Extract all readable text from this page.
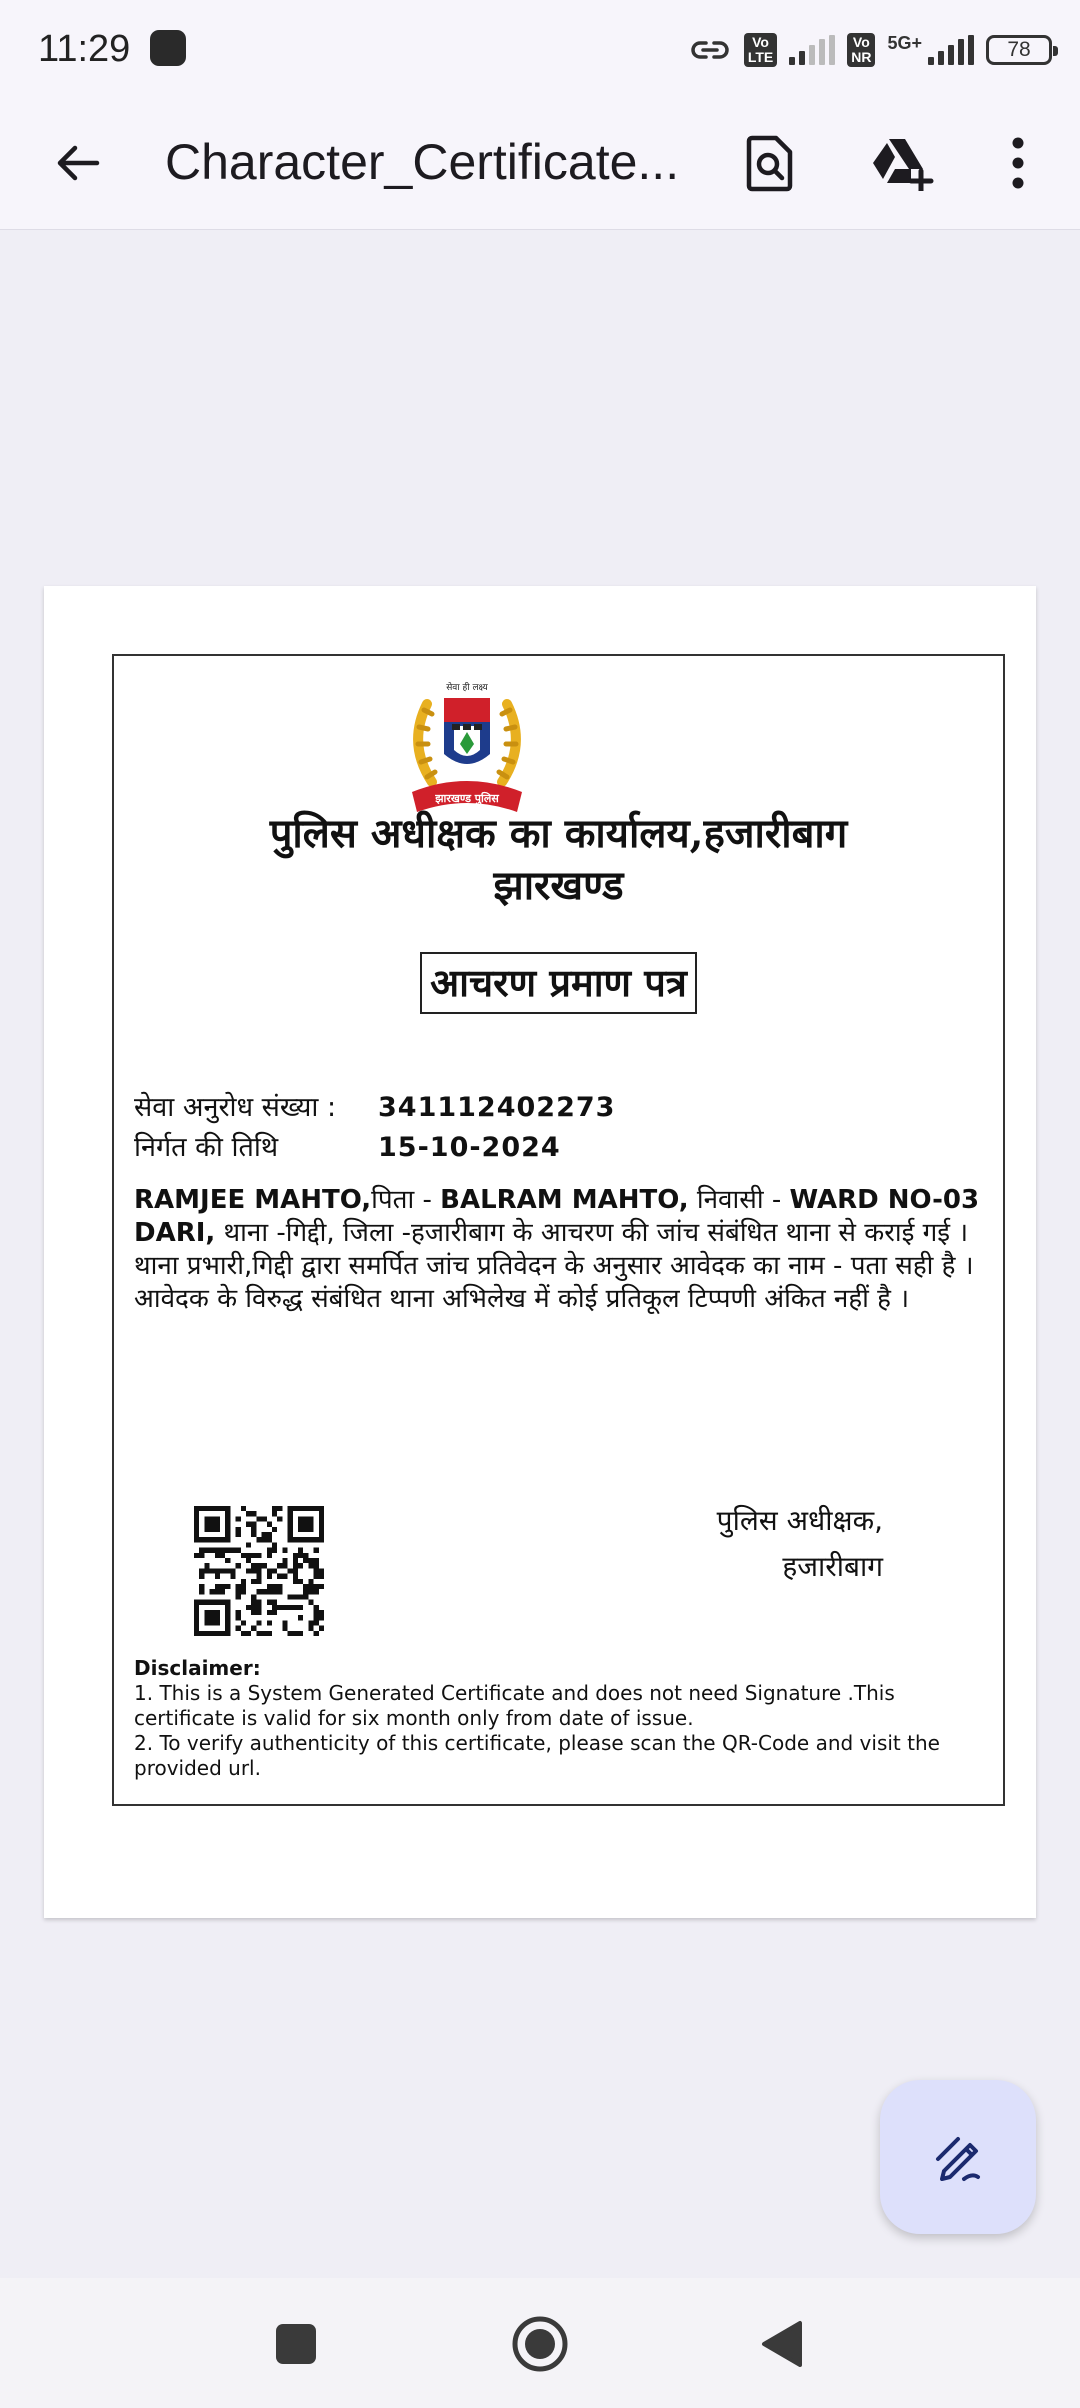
11:29	Vo
LTE
Vo
NR
5G+	78
Character_Certificate...
सेवा ही लक्ष्य
झारखण्ड पुलिस
पुलिस अधीक्षक का कार्यालय,हजारीबाग
झारखण्ड
आचरण प्रमाण पत्र
सेवा अनुरोध संख्या :	341112402273
निर्गत की तिथि	15-10-2024
RAMJEE MAHTO,पिता - BALRAM MAHTO, निवासी - WARD NO-03 DARI, थाना -गिद्दी, जिला -हजारीबाग के आचरण की जांच संबंधित थाना से कराई गई । थाना प्रभारी,गिद्दी द्वारा समर्पित जांच प्रतिवेदन के अनुसार आवेदक का नाम - पता सही है । आवेदक के विरुद्ध संबंधित थाना अभिलेख में कोई प्रतिकूल टिप्पणी अंकित नहीं है ।
पुलिस अधीक्षक,
हजारीबाग
Disclaimer:
1. This is a System Generated Certificate and does not need Signature .This certificate is valid for six month only from date of issue.
2. To verify authenticity of this certificate, please scan the QR-Code and visit the provided url.
